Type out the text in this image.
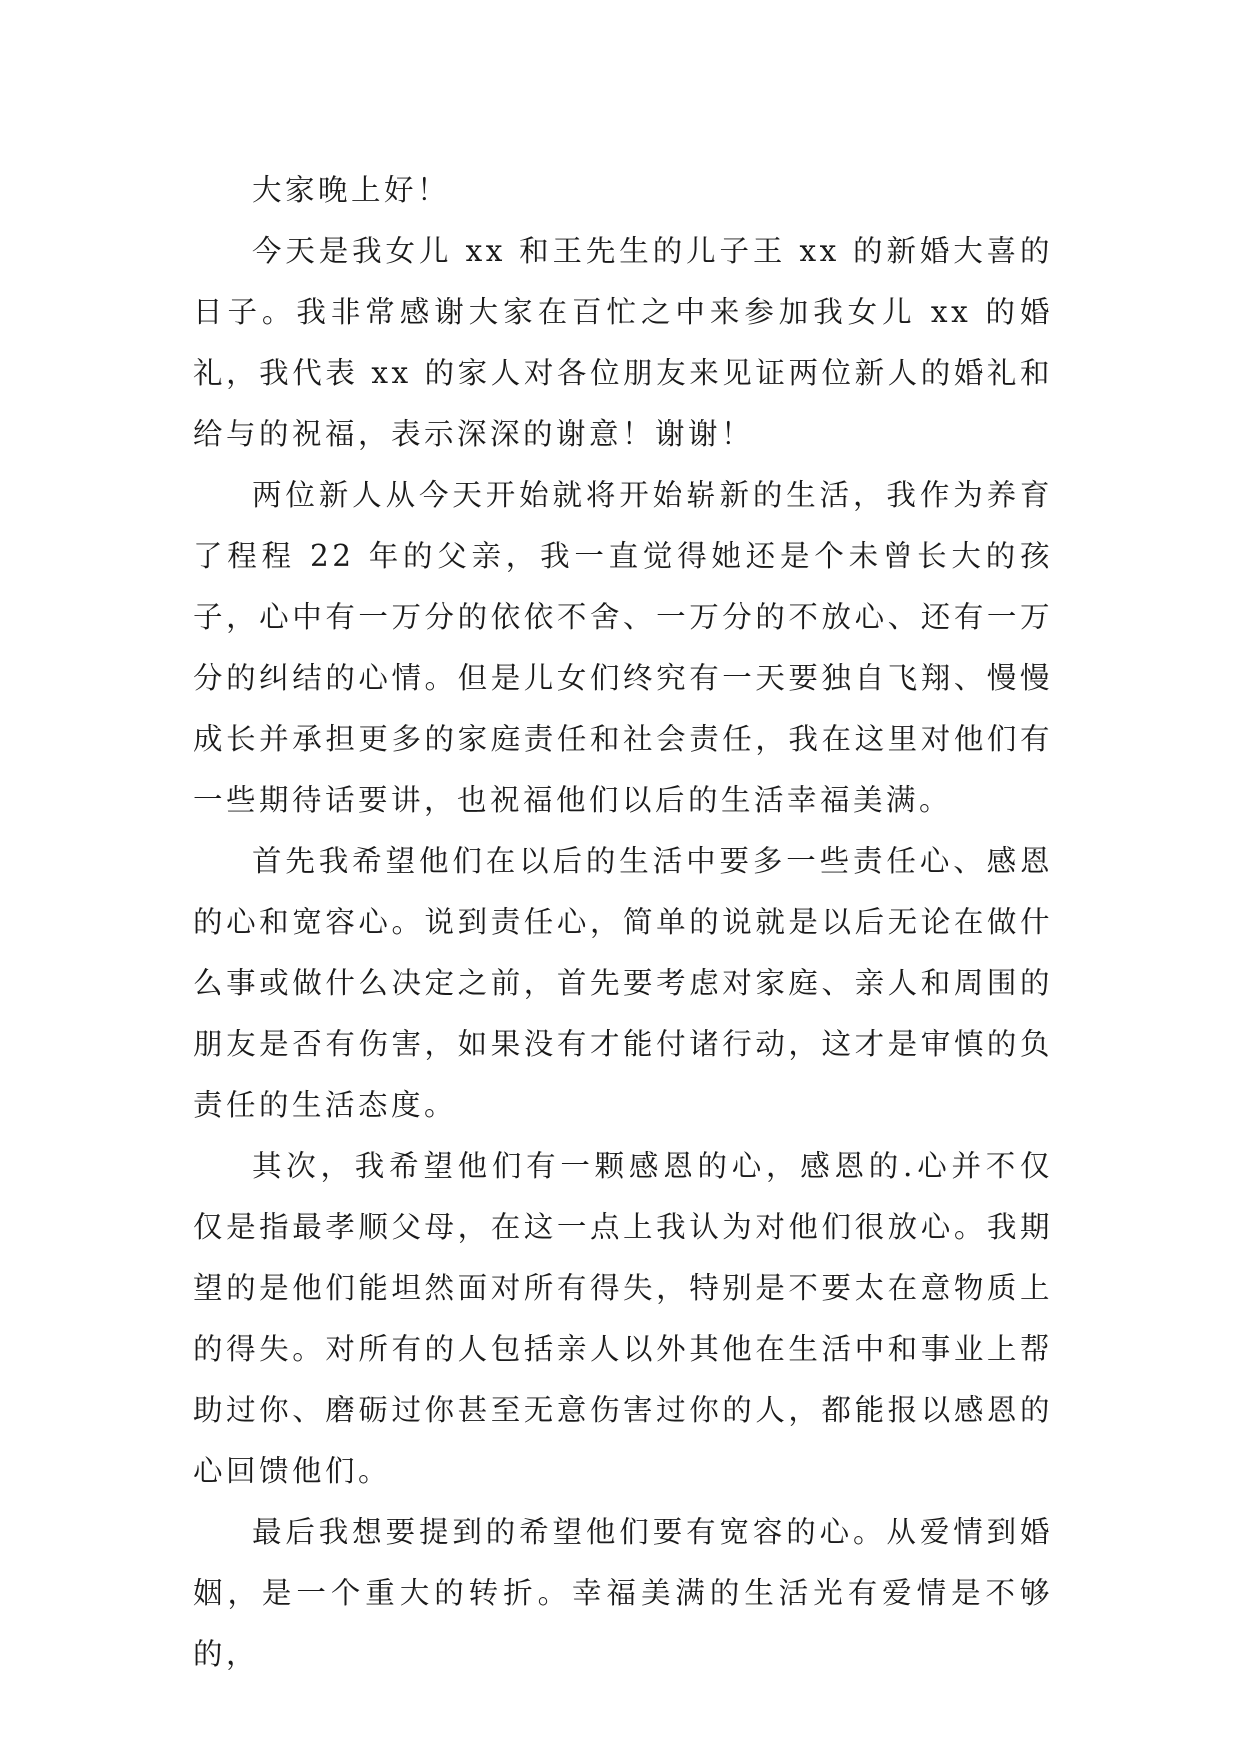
大家晚上好！

今天是我女儿 xx 和王先生的儿子王 xx 的新婚大喜的日子。我非常感谢大家在百忙之中来参加我女儿 xx 的婚礼，我代表 xx 的家人对各位朋友来见证两位新人的婚礼和给与的祝福，表示深深的谢意！谢谢！

两位新人从今天开始就将开始崭新的生活，我作为养育了程程 22 年的父亲，我一直觉得她还是个未曾长大的孩子，心中有一万分的依依不舍、一万分的不放心、还有一万分的纠结的心情。但是儿女们终究有一天要独自飞翔、慢慢成长并承担更多的家庭责任和社会责任，我在这里对他们有一些期待话要讲，也祝福他们以后的生活幸福美满。

首先我希望他们在以后的生活中要多一些责任心、感恩的心和宽容心。说到责任心，简单的说就是以后无论在做什么事或做什么决定之前，首先要考虑对家庭、亲人和周围的朋友是否有伤害，如果没有才能付诸行动，这才是审慎的负责任的生活态度。

其次，我希望他们有一颗感恩的心，感恩的.心并不仅仅是指最孝顺父母，在这一点上我认为对他们很放心。我期望的是他们能坦然面对所有得失，特别是不要太在意物质上的得失。对所有的人包括亲人以外其他在生活中和事业上帮助过你、磨砺过你甚至无意伤害过你的人，都能报以感恩的心回馈他们。

最后我想要提到的希望他们要有宽容的心。从爱情到婚姻，是一个重大的转折。幸福美满的生活光有爱情是不够的，
